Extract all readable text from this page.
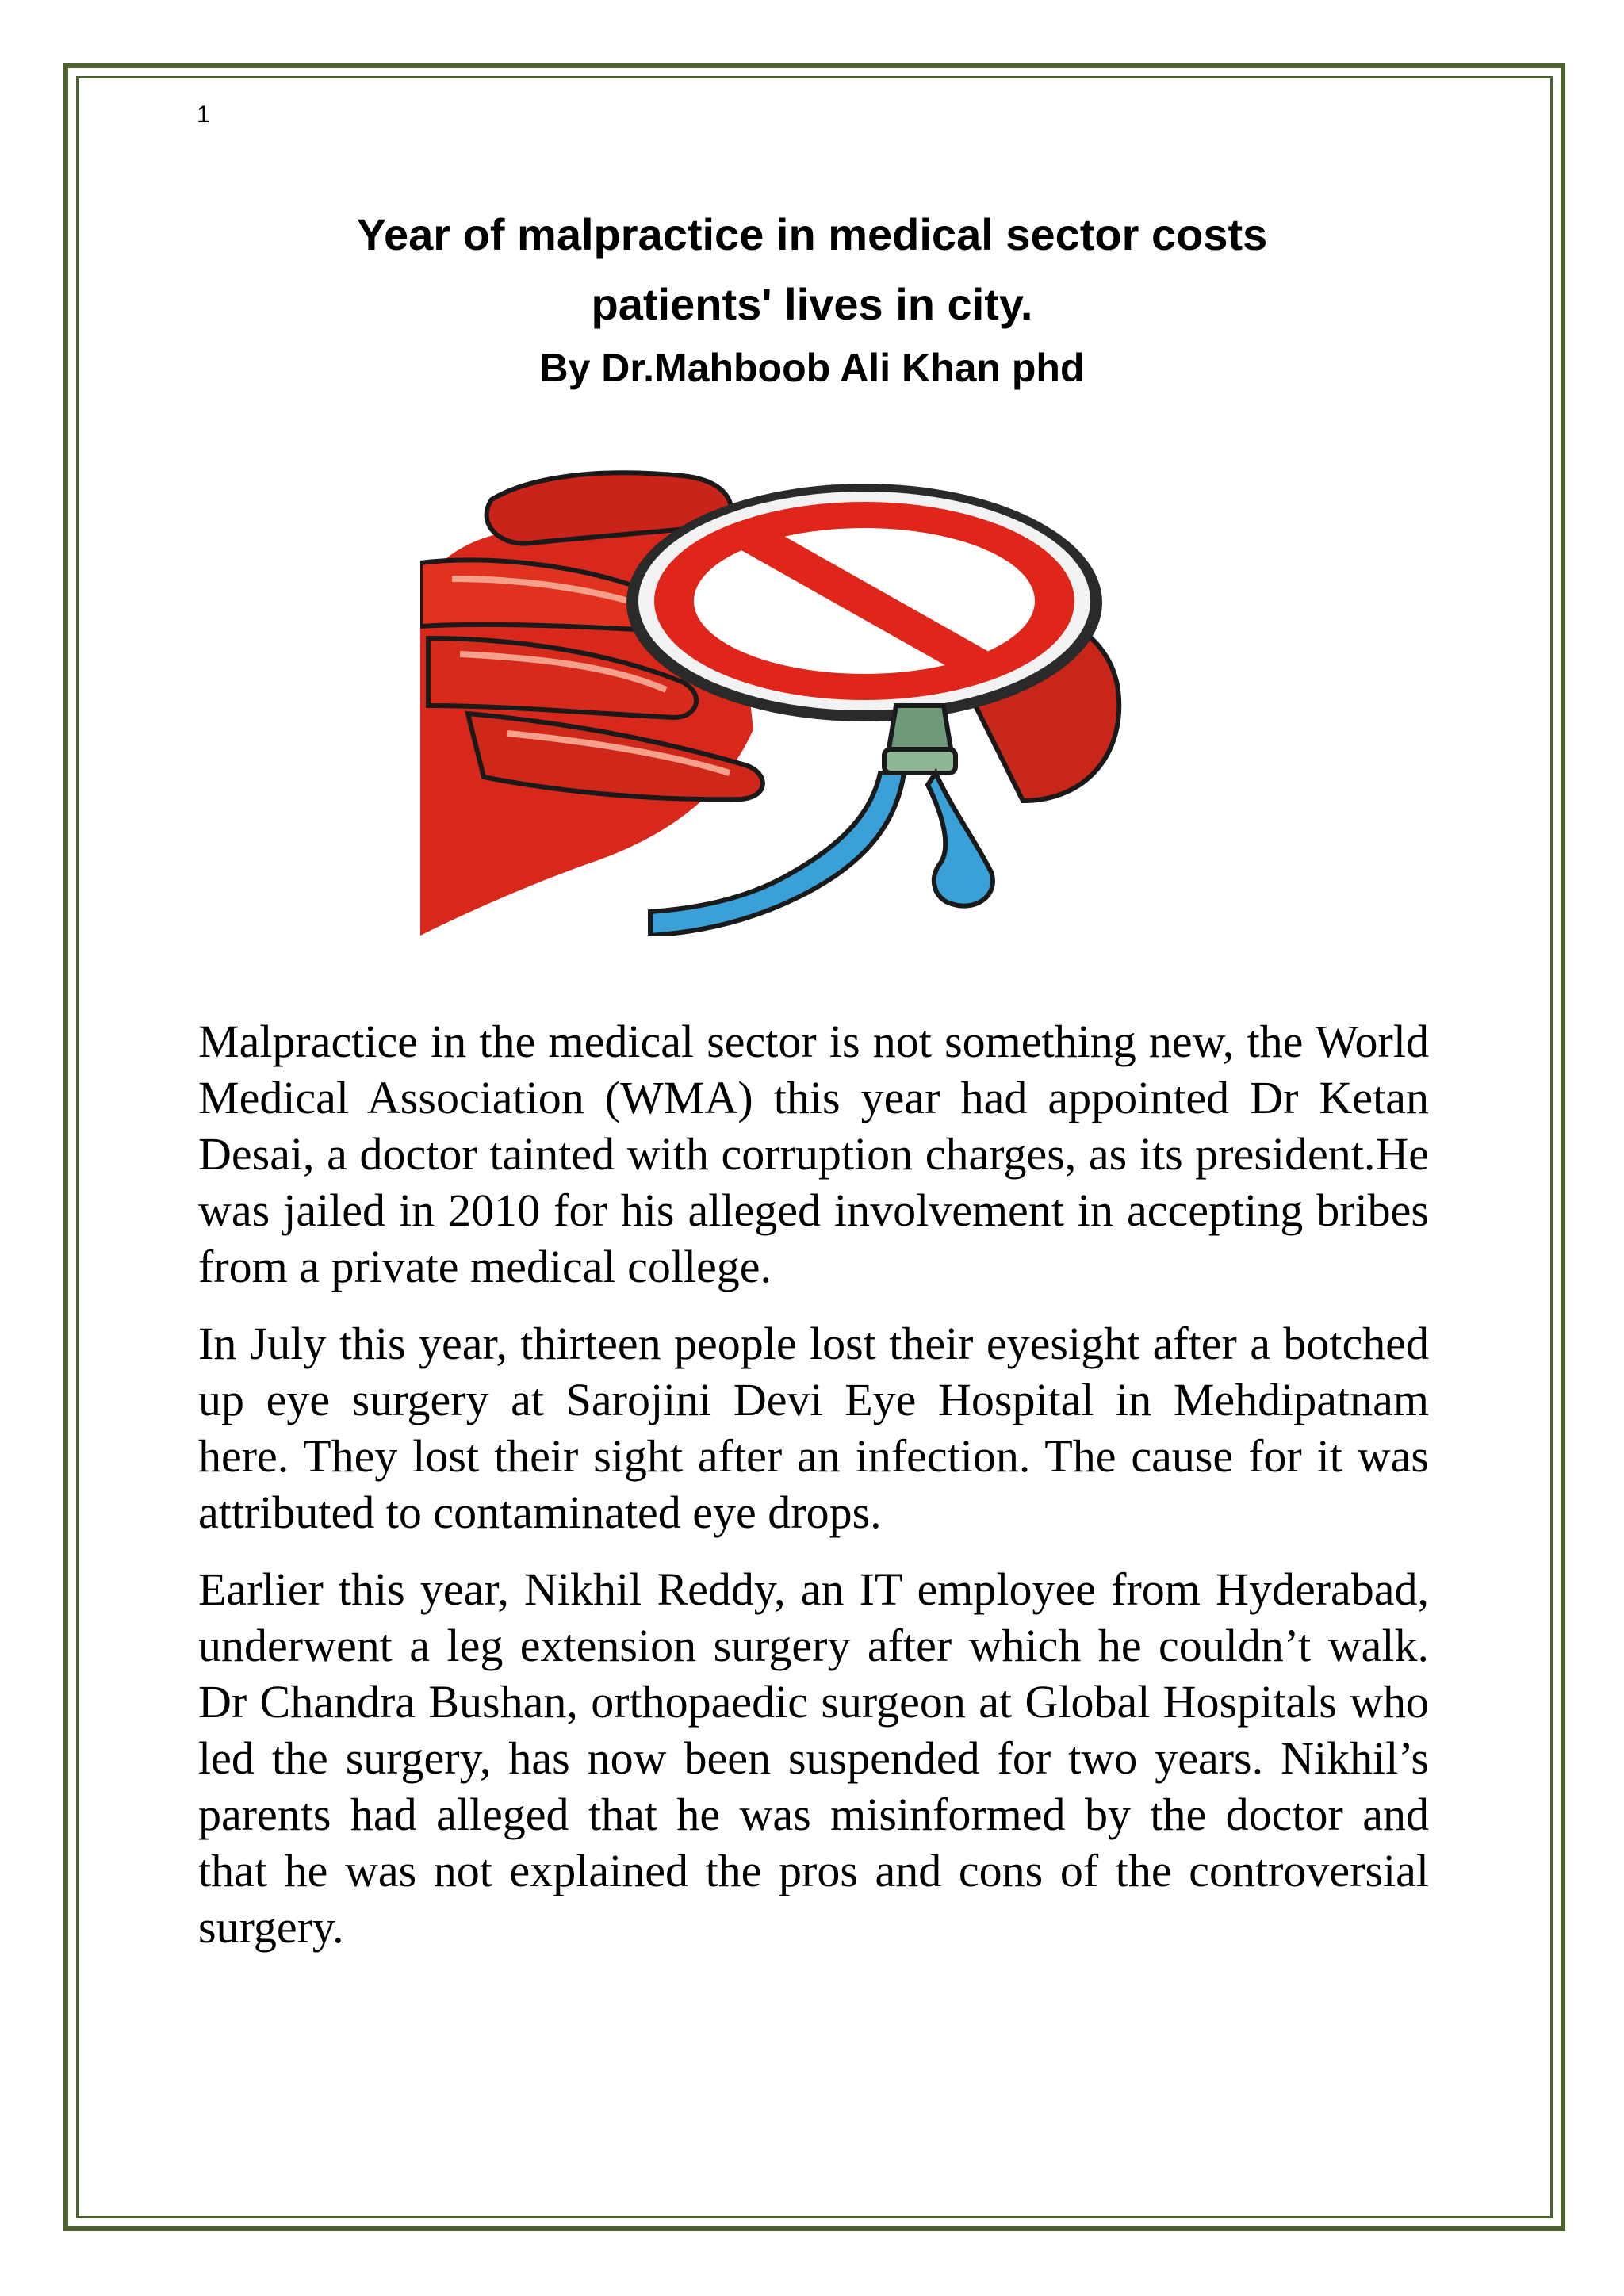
1
Year of malpractice in medical sector costs
patients' lives in city.
By Dr.Mahboob Ali Khan phd

Malpractice in the medical sector is not something new, the World Medical Association (WMA) this year had appointed Dr Ketan Desai, a doctor tainted with corruption charges, as its president.He was jailed in 2010 for his alleged involvement in accepting bribes from a private medical college.

In July this year, thirteen people lost their eyesight after a botched up eye surgery at Sarojini Devi Eye Hospital in Mehdipatnam here. They lost their sight after an infection. The cause for it was attributed to contaminated eye drops.

Earlier this year, Nikhil Reddy, an IT employee from Hyderabad, underwent a leg extension surgery after which he couldn’t walk. Dr Chandra Bushan, orthopaedic surgeon at Global Hospitals who led the surgery, has now been suspended for two years. Nikhil’s parents had alleged that he was misinformed by the doctor and that he was not explained the pros and cons of the controversial surgery.
